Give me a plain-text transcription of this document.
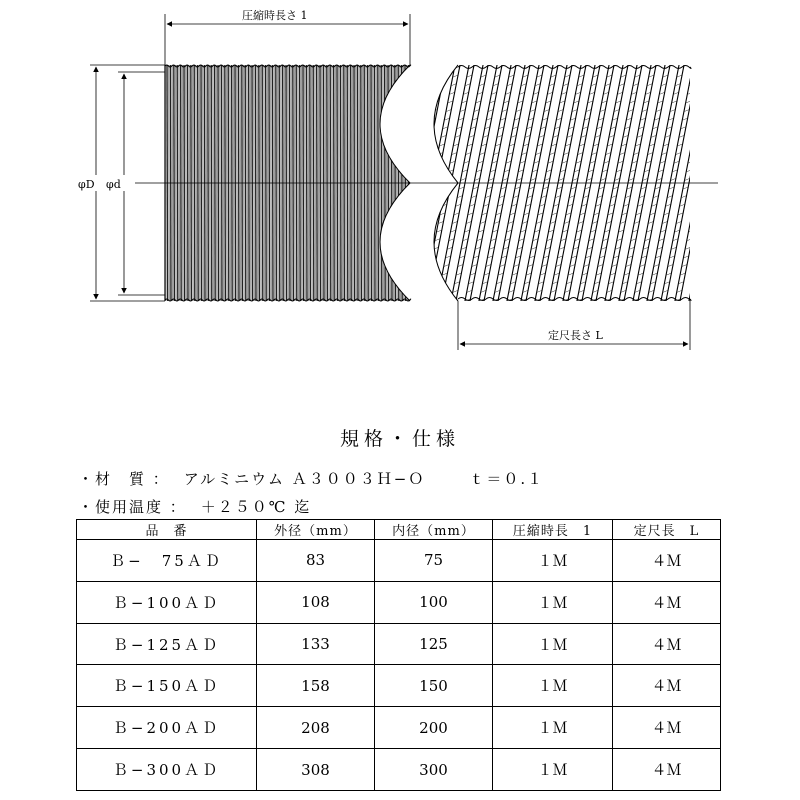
圧縮時長さ 1
定尺長さ L
φD φd
規格・仕様
・材　質 ： アルミニウム Ａ３００３Ｈ−Ｏ	ｔ＝０.１
・使用温度 ： ＋２５０℃ 迄
品　番	外径（mm）	内径（mm）	圧縮時長　1	定尺長　L
Ｂ−　75ＡＤ	83	75	１Ｍ	４Ｍ
Ｂ−100ＡＤ	108	100	１Ｍ	４Ｍ
Ｂ−125ＡＤ	133	125	１Ｍ	４Ｍ
Ｂ−150ＡＤ	158	150	１Ｍ	４Ｍ
Ｂ−200ＡＤ	208	200	１Ｍ	４Ｍ
Ｂ−300ＡＤ	308	300	１Ｍ	４Ｍ
